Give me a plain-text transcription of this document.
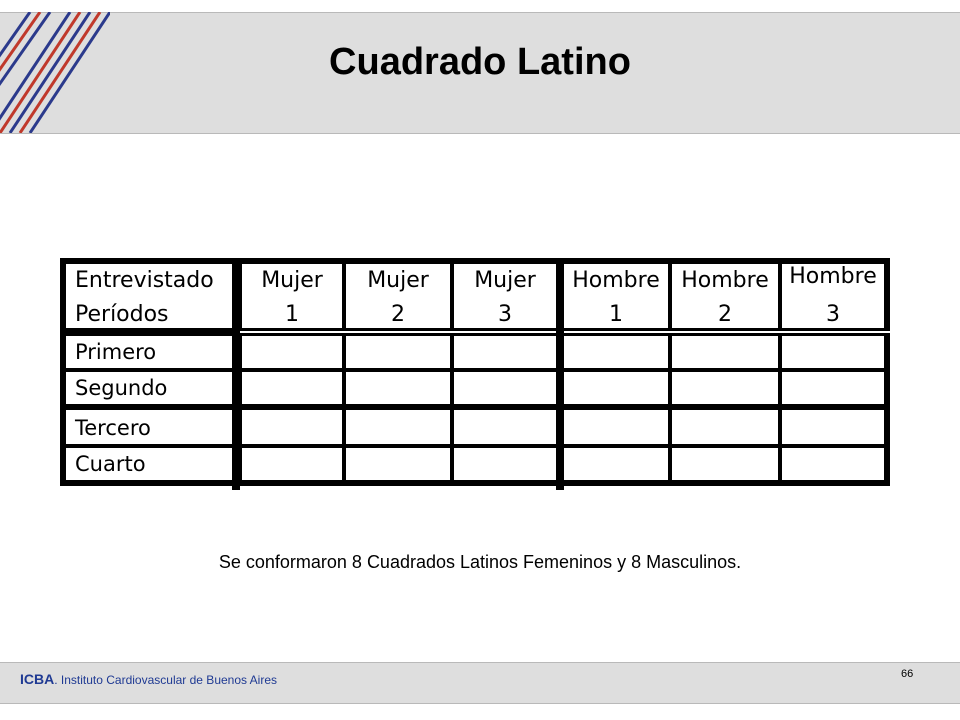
Cuadrado Latino
Entrevistado
Períodos
Mujer
1
Mujer
2
Mujer
3
Hombre
1
Hombre
2
Hombre
3
Primero
Segundo
Tercero
Cuarto
Se conformaron 8 Cuadrados Latinos Femeninos y 8 Masculinos.
ICBA. Instituto Cardiovascular de Buenos Aires	66
